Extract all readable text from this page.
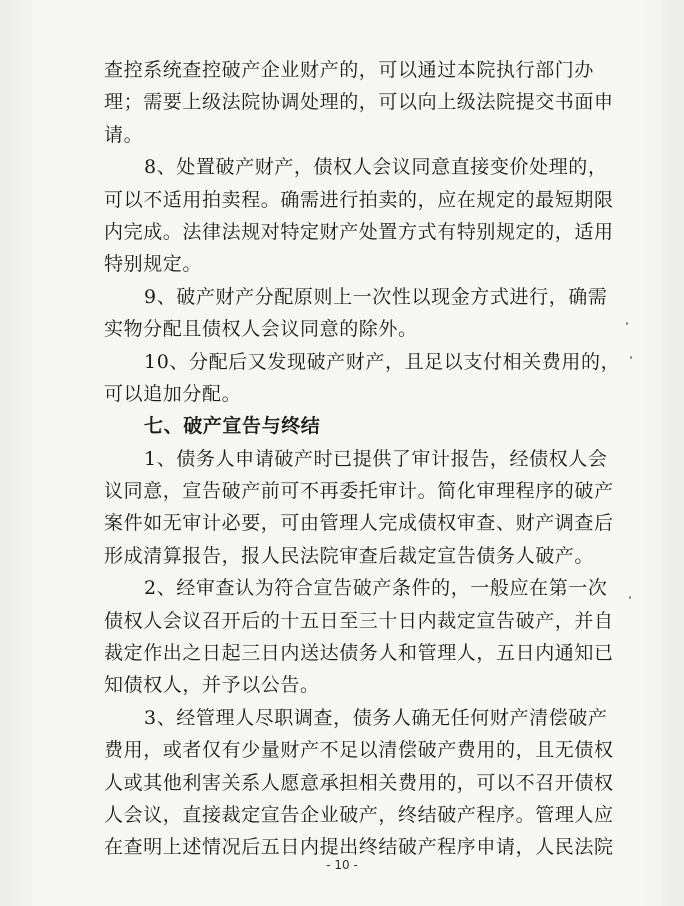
查控系统查控破产企业财产的，可以通过本院执行部门办
理；需要上级法院协调处理的，可以向上级法院提交书面申
请。
8、处置破产财产，债权人会议同意直接变价处理的，
可以不适用拍卖程。确需进行拍卖的，应在规定的最短期限
内完成。法律法规对特定财产处置方式有特别规定的，适用
特别规定。
9、破产财产分配原则上一次性以现金方式进行，确需
实物分配且债权人会议同意的除外。
10、分配后又发现破产财产，且足以支付相关费用的，
可以追加分配。
七、破产宣告与终结
1、债务人申请破产时已提供了审计报告，经债权人会
议同意，宣告破产前可不再委托审计。简化审理程序的破产
案件如无审计必要，可由管理人完成债权审查、财产调查后
形成清算报告，报人民法院审查后裁定宣告债务人破产。
2、经审查认为符合宣告破产条件的，一般应在第一次
债权人会议召开后的十五日至三十日内裁定宣告破产，并自
裁定作出之日起三日内送达债务人和管理人，五日内通知已
知债权人，并予以公告。
3、经管理人尽职调查，债务人确无任何财产清偿破产
费用，或者仅有少量财产不足以清偿破产费用的，且无债权
人或其他利害关系人愿意承担相关费用的，可以不召开债权
人会议，直接裁定宣告企业破产，终结破产程序。管理人应
在查明上述情况后五日内提出终结破产程序申请，人民法院
- 10 -
